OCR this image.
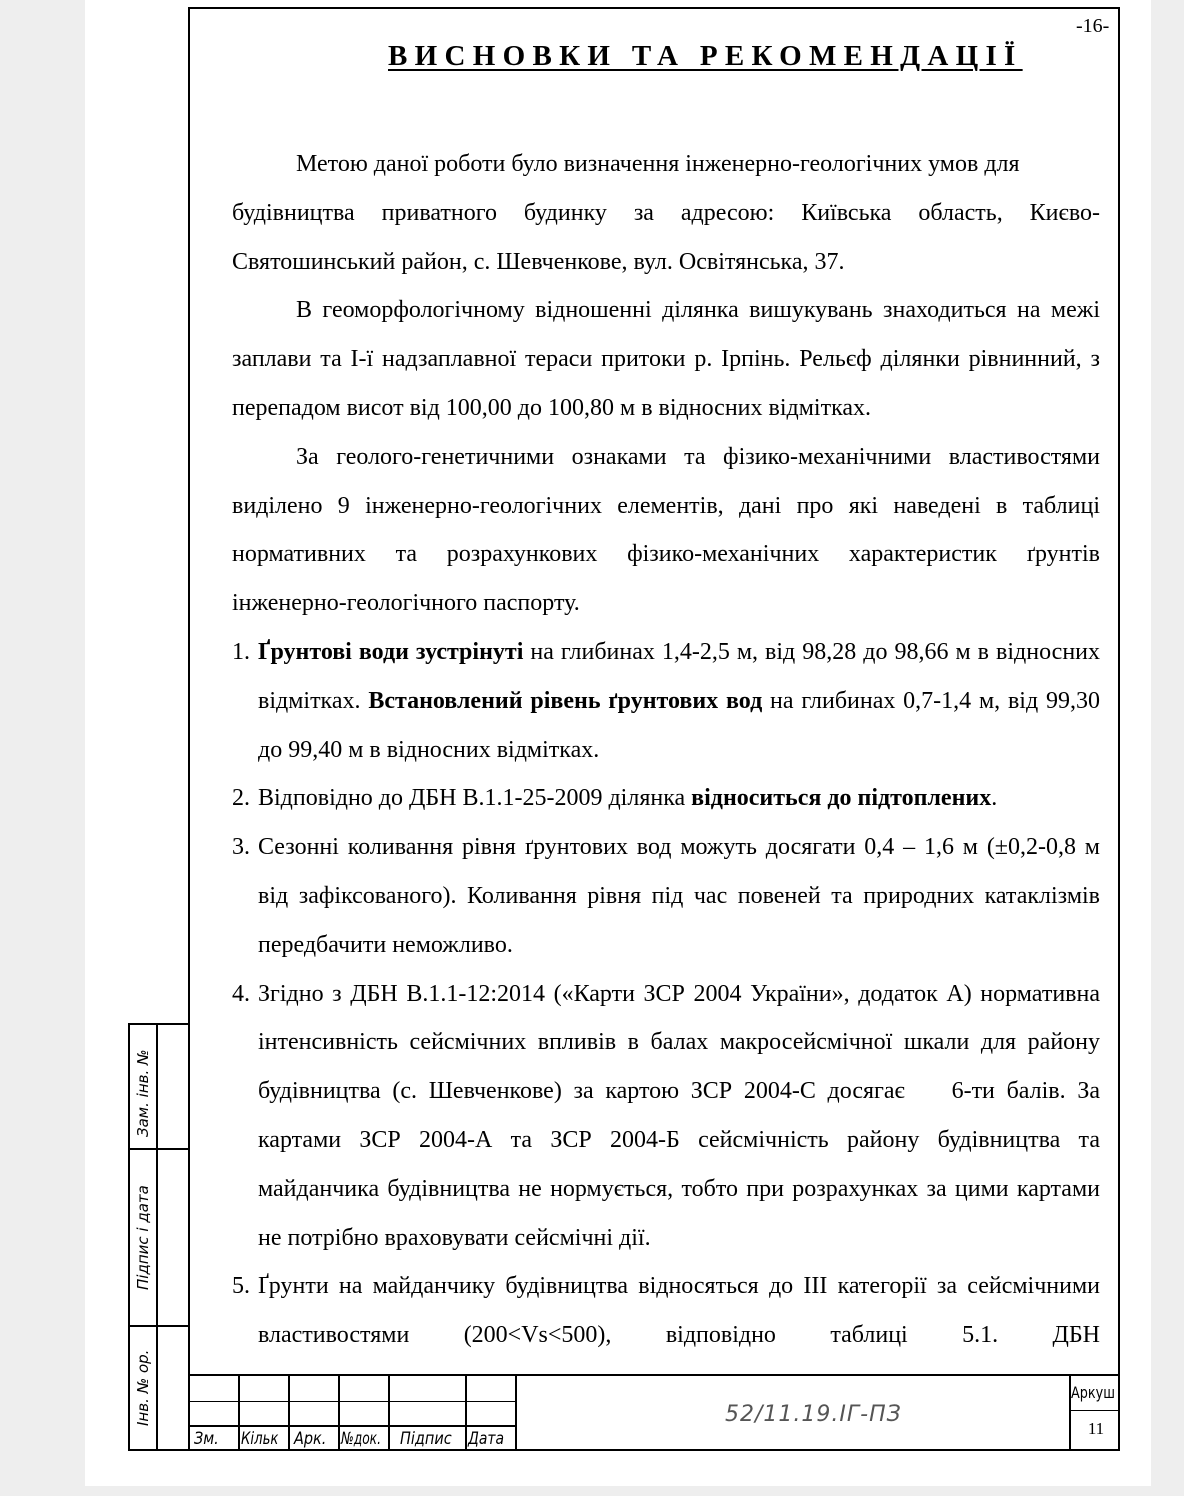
-16-
ВИСНОВКИ ТА РЕКОМЕНДАЦІЇ

Метою даної роботи було визначення інженерно-геологічних умов для
будівництва приватного будинку за адресою: Київська область, Києво-
Святошинський район, с. Шевченкове, вул. Освітянська, 37.

В геоморфологічному відношенні ділянка вишукувань знаходиться на межі заплави та І-ї надзаплавної тераси притоки р. Ірпінь. Рельєф ділянки рівнинний, з перепадом висот від 100,00 до 100,80 м в відносних відмітках.

За геолого-генетичними ознаками та фізико-механічними властивостями виділено 9 інженерно-геологічних елементів, дані про які наведені в таблиці нормативних та розрахункових фізико-механічних характеристик ґрунтів інженерно-геологічного паспорту.

1. Ґрунтові води зустрінуті на глибинах 1,4-2,5 м, від 98,28 до 98,66 м в відносних відмітках. Встановлений рівень ґрунтових вод на глибинах 0,7-1,4 м, від 99,30 до 99,40 м в відносних відмітках.
2. Відповідно до ДБН В.1.1-25-2009 ділянка відноситься до підтоплених.
3. Сезонні коливання рівня ґрунтових вод можуть досягати 0,4 – 1,6 м (±0,2-0,8 м від зафіксованого). Коливання рівня під час повеней та природних катаклізмів передбачити неможливо.
4. Згідно з ДБН В.1.1-12:2014 («Карти ЗСР 2004 України», додаток А) нормативна інтенсивність сейсмічних впливів в балах макросейсмічної шкали для району будівництва (с. Шевченкове) за картою ЗСР 2004-С досягає    6-ти балів. За картами ЗСР 2004-А та ЗСР 2004-Б сейсмічність району будівництва та майданчика будівництва не нормується, тобто при розрахунках за цими картами не потрібно враховувати сейсмічні дії.
5. Ґрунти на майданчику будівництва відносяться до ІІІ категорії за сейсмічними властивостями (200<Vs<500), відповідно таблиці 5.1. ДБН
Зм. Кільк Арк. №док. Підпис Дата
52/11.19.ІГ-ПЗ
Аркуш
11
Зам. інв. №
Підпис і дата
Інв. № ор.
